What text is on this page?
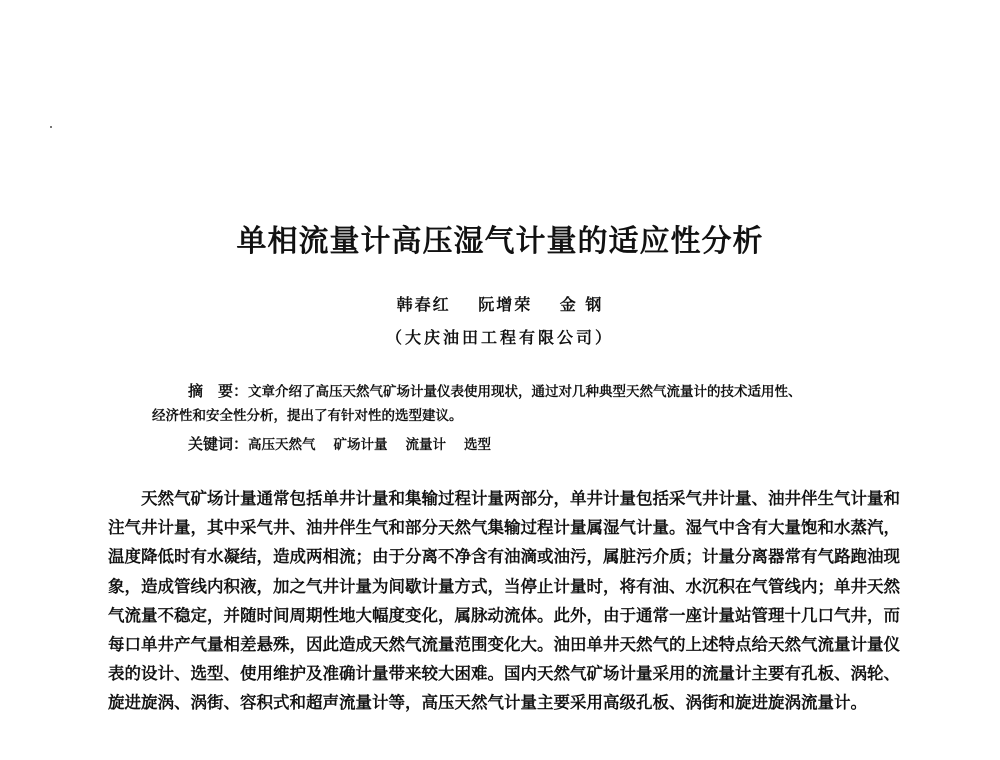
单相流量计高压湿气计量的适应性分析
韩春红 阮增荣 金 钢
（大庆油田工程有限公司）
摘　要：文章介绍了高压天然气矿场计量仪表使用现状，通过对几种典型天然气流量计的技术适用性、
经济性和安全性分析，提出了有针对性的选型建议。
关键词：高压天然气 矿场计量 流量计 选型

天然气矿场计量通常包括单井计量和集输过程计量两部分，单井计量包括采气井计量、油井伴生气计量和注气井计量，其中采气井、油井伴生气和部分天然气集输过程计量属湿气计量。湿气中含有大量饱和水蒸汽，温度降低时有水凝结，造成两相流；由于分离不净含有油滴或油污，属脏污介质；计量分离器常有气路跑油现象，造成管线内积液，加之气井计量为间歇计量方式，当停止计量时，将有油、水沉积在气管线内；单井天然气流量不稳定，并随时间周期性地大幅度变化，属脉动流体。此外，由于通常一座计量站管理十几口气井，而每口单井产气量相差悬殊，因此造成天然气流量范围变化大。油田单井天然气的上述特点给天然气流量计量仪表的设计、选型、使用维护及准确计量带来较大困难。国内天然气矿场计量采用的流量计主要有孔板、涡轮、旋进旋涡、涡街、容积式和超声流量计等，高压天然气计量主要采用高级孔板、涡街和旋进旋涡流量计。
